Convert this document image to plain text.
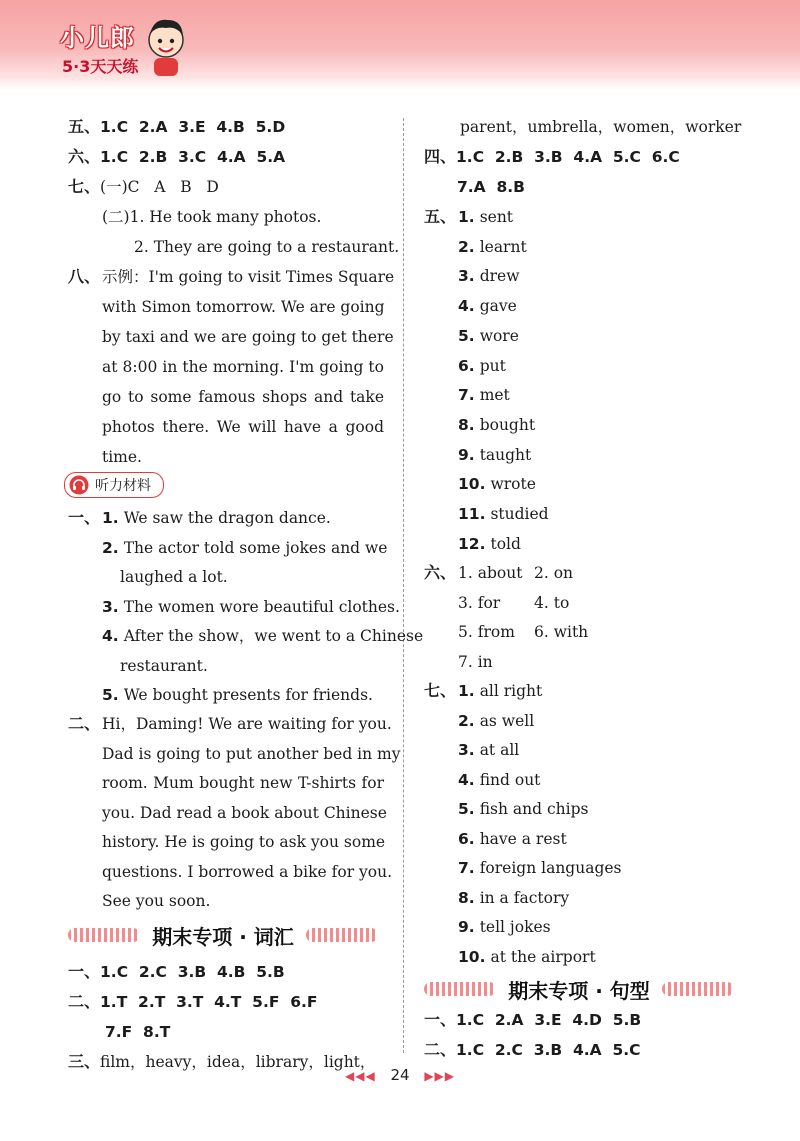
小儿郎
5·3天天练
五、1.C  2.A  3.E  4.B  5.D
六、1.C  2.B  3.C  4.A  5.A
七、(一)C   A   B   D
(二)1. He took many photos.
2. They are going to a restaurant.
八、 示例：I'm going to visit Times Square
with Simon tomorrow. We are going
by taxi and we are going to get there
at 8:00 in the morning. I'm going to
go to some famous shops and take
photos there. We will have a good
time.
听力材料
一、 1. We saw the dragon dance.
2. The actor told some jokes and we
laughed a lot.
3. The women wore beautiful clothes.
4. After the show，we went to a Chinese
restaurant.
5. We bought presents for friends.
二、 Hi，Daming! We are waiting for you.
Dad is going to put another bed in my
room. Mum bought new T-shirts for
you. Dad read a book about Chinese
history. He is going to ask you some
questions. I borrowed a bike for you.
See you soon.
期末专项 · 词汇
一、1.C  2.C  3.B  4.B  5.B
二、1.T  2.T  3.T  4.T  5.F  6.F
7.F  8.T
三、film，heavy，idea，library，light，
parent，umbrella，women，worker
四、1.C  2.B  3.B  4.A  5.C  6.C
7.A  8.B
五、 1. sent
2. learnt
3. drew
4. gave
5. wore
6. put
7. met
8. bought
9. taught
10. wrote
11. studied
12. told
六、 1. about 2. on
3. for 4. to
5. from 6. with
7. in
七、 1. all right
2. as well
3. at all
4. find out
5. fish and chips
6. have a rest
7. foreign languages
8. in a factory
9. tell jokes
10. at the airport
期末专项 · 句型
一、1.C  2.A  3.E  4.D  5.B
二、1.C  2.C  3.B  4.A  5.C
◀◀◀ 24 ▶▶▶
